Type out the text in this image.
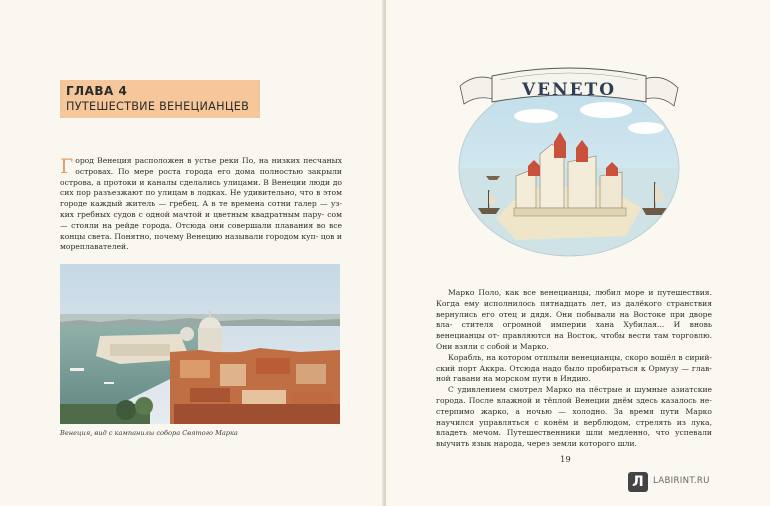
ГЛАВА 4
ПУТЕШЕСТВИЕ ВЕНЕЦИАНЦЕВ
Г ород Венеция расположен в устье реки По, на низких песчаных островах. По мере роста города его дома полностью закрыли острова, а протоки и каналы сделались улицами. В Венеции люди до сих пор разъезжают по улицам в лодках. Не удивительно, что в этом городе каждый житель — гребец. А в те времена сотни галер — уз- ких гребных судов с одной мачтой и цветным квадратным пару- сом — стояли на рейде города. Отсюда они совершали плавания во все концы света. Понятно, почему Венецию называли городом куп- цов и мореплавателей.
Венеция, вид с кампанилы собора Святого Марка
VENETO

Марко Поло, как все венецианцы, любил море и путешествия. Когда ему исполнилось пятнадцать лет, из далёкого странствия вернулись его отец и дядя. Они побывали на Востоке при дворе вла- стителя огромной империи хана Хубилая... И вновь венецианцы от- правляются на Восток, чтобы вести там торговлю. Они взяли с собой и Марко.

Корабль, на котором отплыли венецианцы, скоро вошёл в сирий- ский порт Аккра. Отсюда надо было пробираться к Ормузу — глав- ной гавани на морском пути в Индию.

С удивлением смотрел Марко на пёстрые и шумные азиатские города. После влажной и тёплой Венеции днём здесь казалось не- стерпимо жарко, а ночью — холодно. За время пути Марко научился управляться с конём и верблюдом, стрелять из лука, владеть мечом. Путешественники шли медленно, что успевали выучить язык народа, через земли которого шли.

19
Л	LABIRINT.RU
